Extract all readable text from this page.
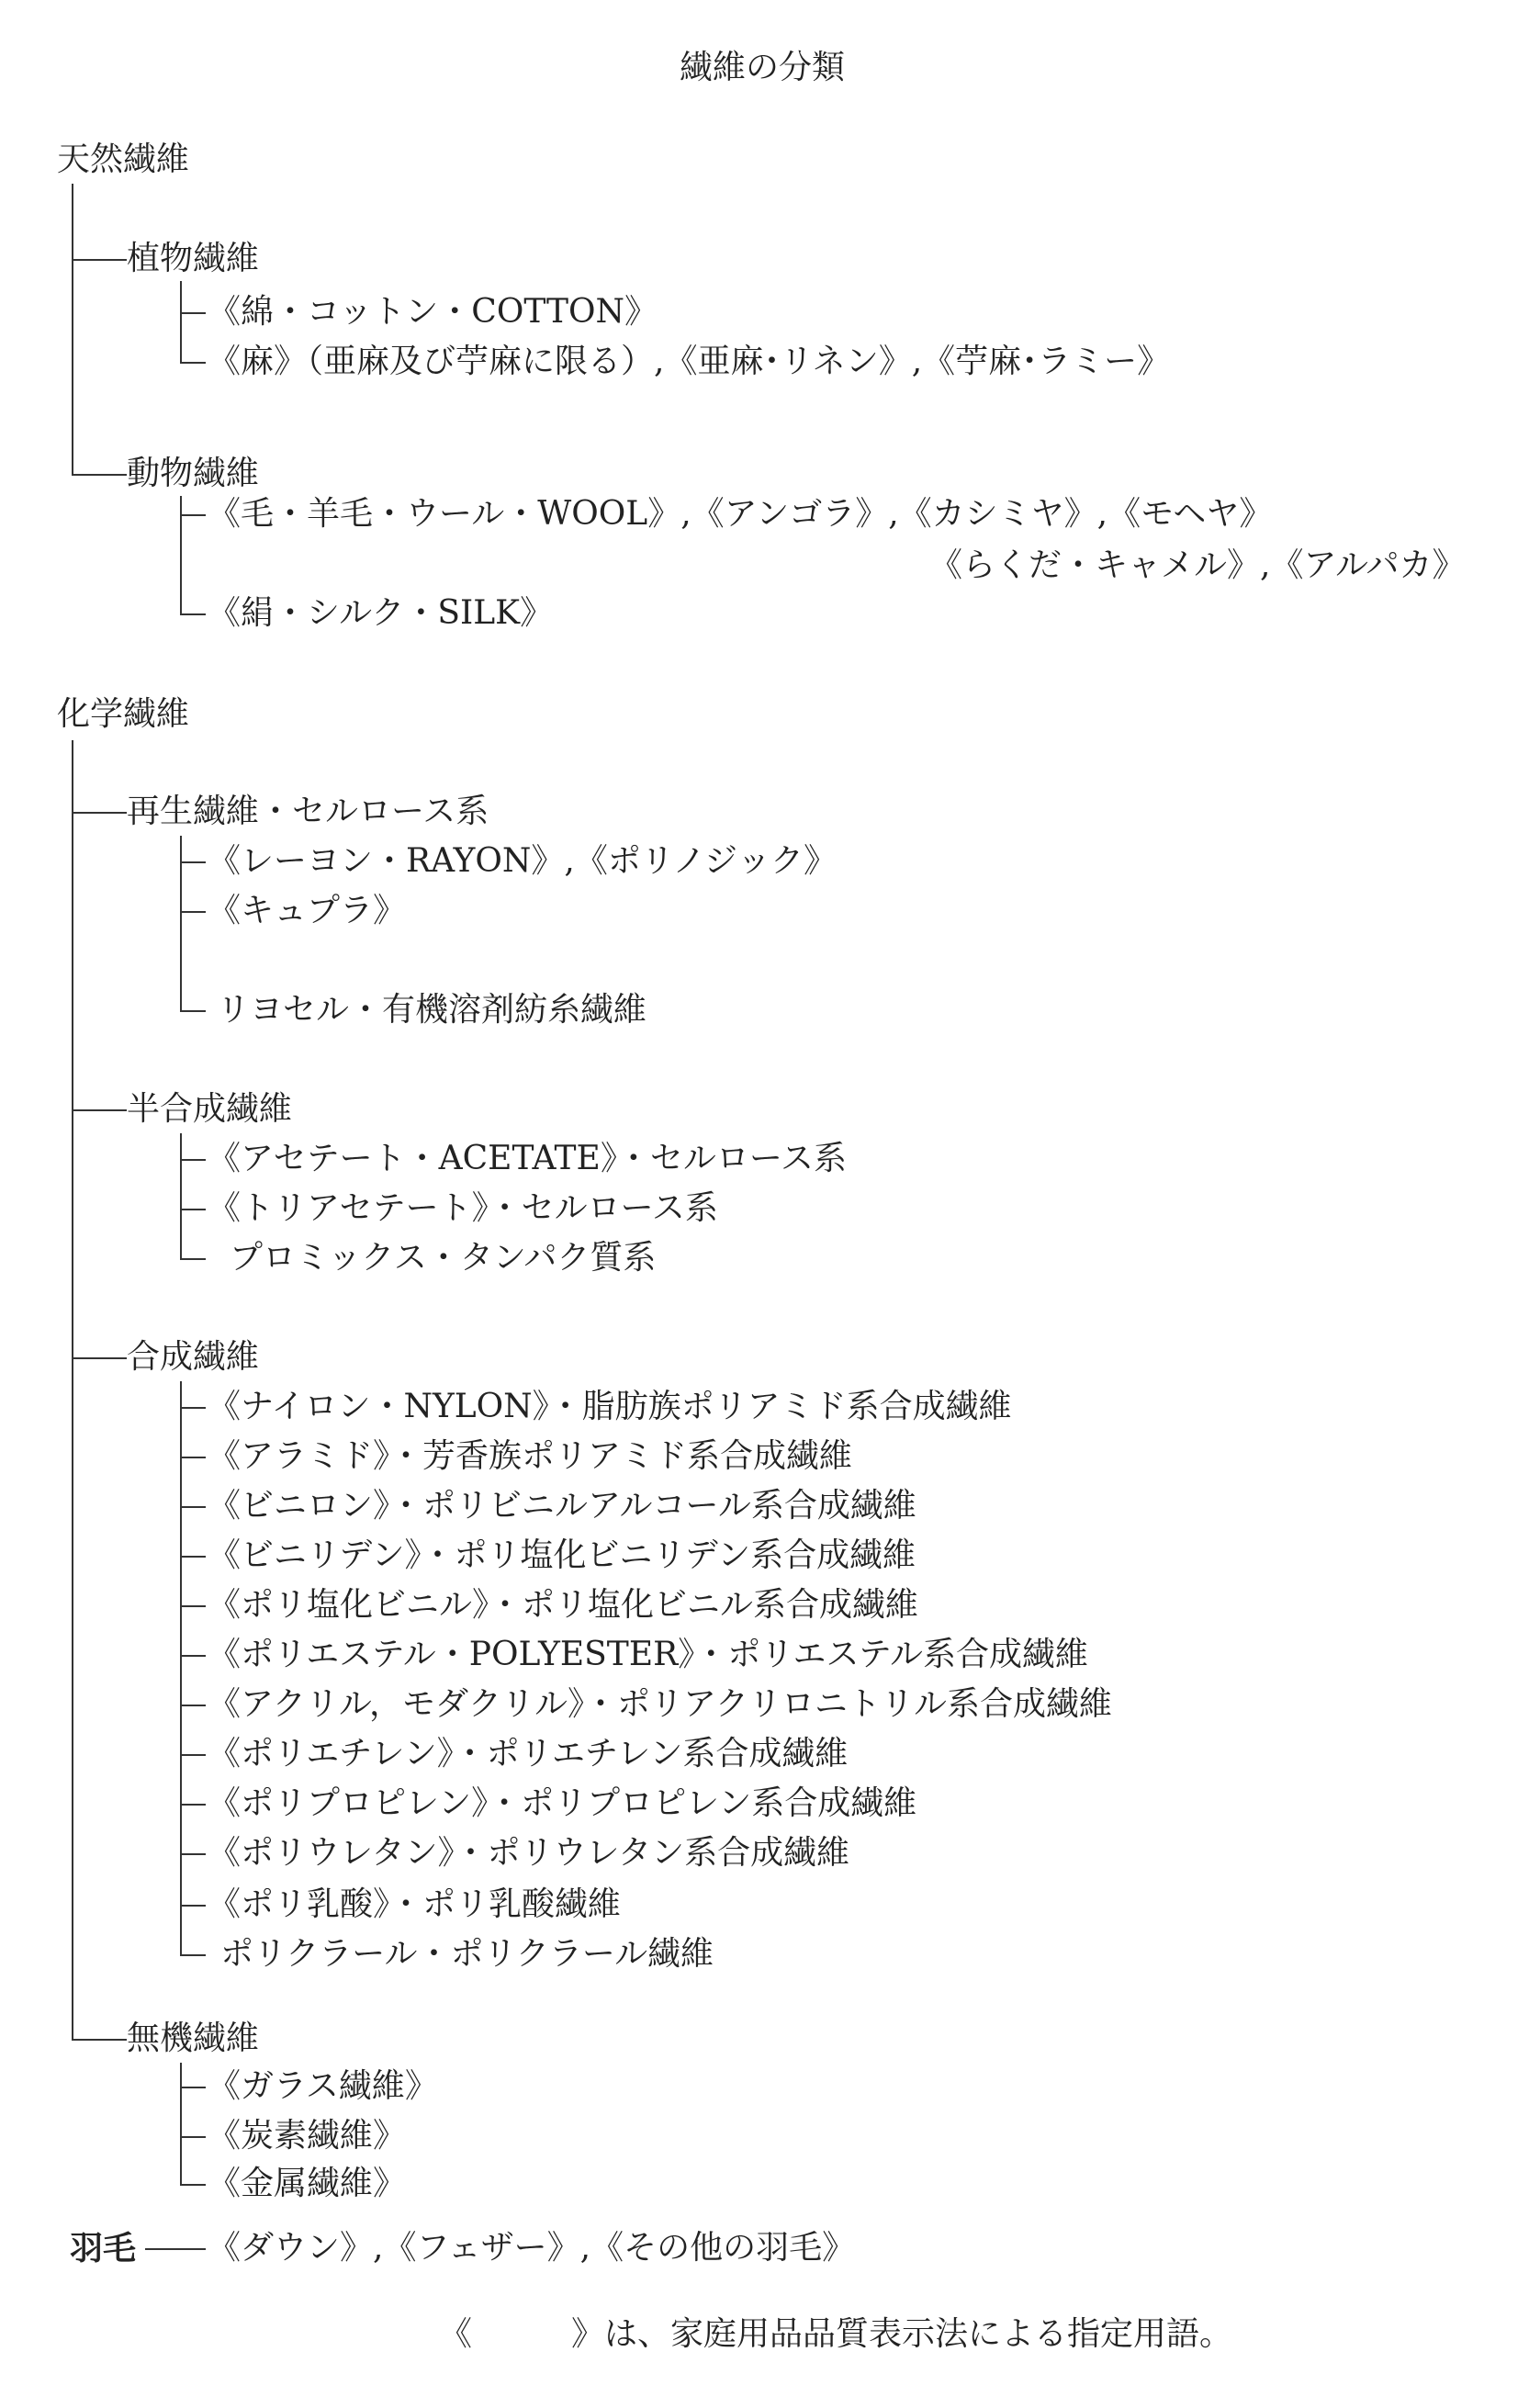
繊維の分類
天然繊維
植物繊維
《綿・コットン・COTTON》
《麻》（亜麻及び苧麻に限る）,《亜麻･リネン》,《苧麻･ラミー》
動物繊維
《毛・羊毛・ウール・WOOL》,《アンゴラ》,《カシミヤ》,《モヘヤ》
《らくだ・キャメル》,《アルパカ》
《絹・シルク・SILK》
化学繊維
再生繊維・セルロース系
《レーヨン・RAYON》,《ポリノジック》
《キュプラ》
リヨセル・有機溶剤紡糸繊維
半合成繊維
《アセテート・ACETATE》・セルロース系
《トリアセテート》・セルロース系
プロミックス・タンパク質系
合成繊維
《ナイロン・NYLON》・脂肪族ポリアミド系合成繊維
《アラミド》・芳香族ポリアミド系合成繊維
《ビニロン》・ポリビニルアルコール系合成繊維
《ビニリデン》・ポリ塩化ビニリデン系合成繊維
《ポリ塩化ビニル》・ポリ塩化ビニル系合成繊維
《ポリエステル・POLYESTER》・ポリエステル系合成繊維
《アクリル，モダクリル》・ポリアクリロニトリル系合成繊維
《ポリエチレン》・ポリエチレン系合成繊維
《ポリプロピレン》・ポリプロピレン系合成繊維
《ポリウレタン》・ポリウレタン系合成繊維
《ポリ乳酸》・ポリ乳酸繊維
ポリクラール・ポリクラール繊維
無機繊維
《ガラス繊維》
《炭素繊維》
《金属繊維》
羽毛 《ダウン》,《フェザー》,《その他の羽毛》
《　　　》は、家庭用品品質表示法による指定用語。
